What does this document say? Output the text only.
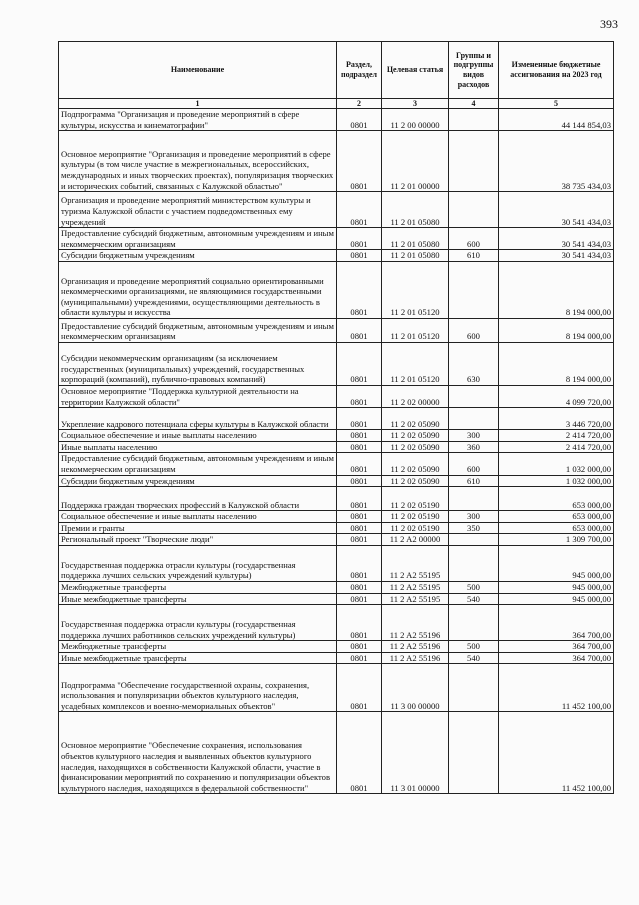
393
Наименование	Раздел, подраздел	Целевая статья	Группы и подгруппы видов расходов	Измененные бюджетные ассигнования на 2023 год
1	2	3	4	5
Подпрограмма "Организация и проведение мероприятий в сфере культуры, искусства и кинематографии"	0801	11 2 00 00000		44 144 854,03
Основное мероприятие "Организация и проведение мероприятий в сфере культуры (в том числе участие в межрегиональных, всероссийских, международных и иных творческих проектах), популяризация творческих и исторических событий, связанных с Калужской областью"	0801	11 2 01 00000		38 735 434,03
Организация и проведение мероприятий министерством культуры и туризма Калужской области с участием подведомственных ему учреждений	0801	11 2 01 05080		30 541 434,03
Предоставление субсидий бюджетным, автономным учреждениям и иным некоммерческим организациям	0801	11 2 01 05080	600	30 541 434,03
Субсидии бюджетным учреждениям	0801	11 2 01 05080	610	30 541 434,03
Организация и проведение мероприятий социально ориентированными некоммерческими организациями, не являющимися государственными (муниципальными) учреждениями, осуществляющими деятельность в области культуры и искусства	0801	11 2 01 05120		8 194 000,00
Предоставление субсидий бюджетным, автономным учреждениям и иным некоммерческим организациям	0801	11 2 01 05120	600	8 194 000,00
Субсидии некоммерческим организациям (за исключением государственных (муниципальных) учреждений, государственных корпораций (компаний), публично-правовых компаний)	0801	11 2 01 05120	630	8 194 000,00
Основное мероприятие "Поддержка культурной деятельности на территории Калужской области"	0801	11 2 02 00000		4 099 720,00
Укрепление кадрового потенциала сферы культуры в Калужской области	0801	11 2 02 05090		3 446 720,00
Социальное обеспечение и иные выплаты населению	0801	11 2 02 05090	300	2 414 720,00
Иные выплаты населению	0801	11 2 02 05090	360	2 414 720,00
Предоставление субсидий бюджетным, автономным учреждениям и иным некоммерческим организациям	0801	11 2 02 05090	600	1 032 000,00
Субсидии бюджетным учреждениям	0801	11 2 02 05090	610	1 032 000,00
Поддержка граждан творческих профессий в Калужской области	0801	11 2 02 05190		653 000,00
Социальное обеспечение и иные выплаты населению	0801	11 2 02 05190	300	653 000,00
Премии и гранты	0801	11 2 02 05190	350	653 000,00
Региональный проект "Творческие люди"	0801	11 2 A2 00000		1 309 700,00
Государственная поддержка отрасли культуры (государственная поддержка лучших сельских учреждений культуры)	0801	11 2 A2 55195		945 000,00
Межбюджетные трансферты	0801	11 2 A2 55195	500	945 000,00
Иные межбюджетные трансферты	0801	11 2 A2 55195	540	945 000,00
Государственная поддержка отрасли культуры (государственная поддержка лучших работников сельских учреждений культуры)	0801	11 2 A2 55196		364 700,00
Межбюджетные трансферты	0801	11 2 A2 55196	500	364 700,00
Иные межбюджетные трансферты	0801	11 2 A2 55196	540	364 700,00
Подпрограмма "Обеспечение государственной охраны, сохранения, использования и популяризации объектов культурного наследия, усадебных комплексов и военно-мемориальных объектов"	0801	11 3 00 00000		11 452 100,00
Основное мероприятие "Обеспечение сохранения, использования объектов культурного наследия и выявленных объектов культурного наследия, находящихся в собственности Калужской области, участие в финансировании мероприятий по сохранению и популяризации объектов культурного наследия, находящихся в федеральной собственности"	0801	11 3 01 00000		11 452 100,00
